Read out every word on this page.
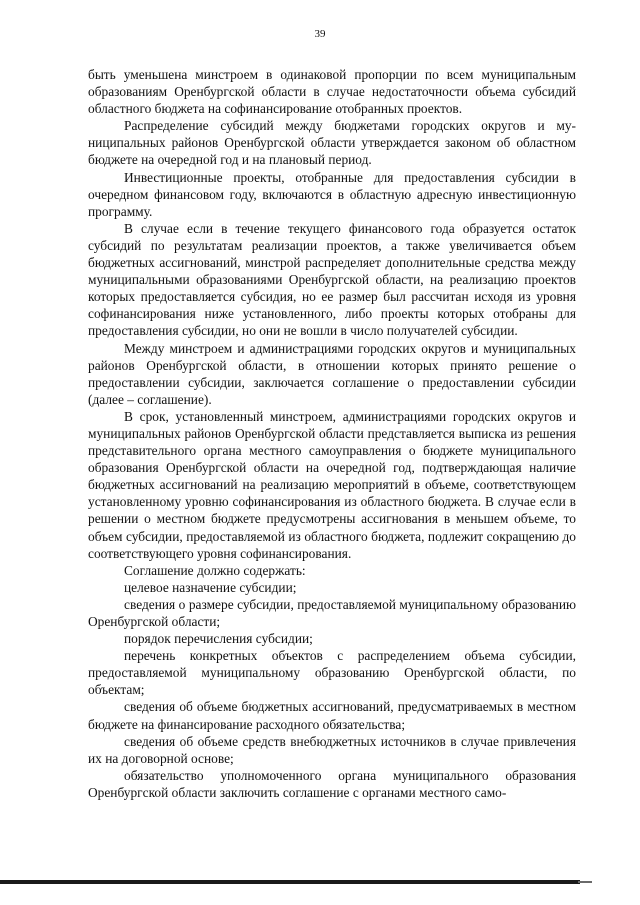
39

быть уменьшена минстроем в одинаковой пропорции по всем муниципальным образованиям Оренбургской области в случае недостаточности объема субсидий областного бюджета на софинансирование отобранных проектов.

Распределение субсидий между бюджетами городских округов и муниципальных районов Оренбургской области утверждается законом об областном бюджете на очередной год и на плановый период.

Инвестиционные проекты, отобранные для предоставления субсидии в очередном финансовом году, включаются в областную адресную инвестиционную программу.

В случае если в течение текущего финансового года образуется остаток субсидий по результатам реализации проектов, а также увеличивается объем бюджетных ассигнований, минстрой распределяет дополнительные средства между муниципальными образованиями Оренбургской области, на реализацию проектов которых предоставляется субсидия, но ее размер был рассчитан исходя из уровня софинансирования ниже установленного, либо проекты которых отобраны для предоставления субсидии, но они не вошли в число получателей субсидии.

Между минстроем и администрациями городских округов и муниципальных районов Оренбургской области, в отношении которых принято решение о предоставлении субсидии, заключается соглашение о предоставлении субсидии (далее – соглашение).

В срок, установленный минстроем, администрациями городских округов и муниципальных районов Оренбургской области представляется выписка из решения представительного органа местного самоуправления о бюджете муниципального образования Оренбургской области на очередной год, подтверждающая наличие бюджетных ассигнований на реализацию мероприятий в объеме, соответствующем установленному уровню софинансирования из областного бюджета. В случае если в решении о местном бюджете предусмотрены ассигнования в меньшем объеме, то объем субсидии, предоставляемой из областного бюджета, подлежит сокращению до соответствующего уровня софинансирования.

Соглашение должно содержать:

целевое назначение субсидии;

сведения о размере субсидии, предоставляемой муниципальному образованию Оренбургской области;

порядок перечисления субсидии;

перечень конкретных объектов с распределением объема субсидии, предоставляемой муниципальному образованию Оренбургской области, по объектам;

сведения об объеме бюджетных ассигнований, предусматриваемых в местном бюджете на финансирование расходного обязательства;

сведения об объеме средств внебюджетных источников в случае привлечения их на договорной основе;

обязательство уполномоченного органа муниципального образования Оренбургской области заключить соглашение с органами местного само-
